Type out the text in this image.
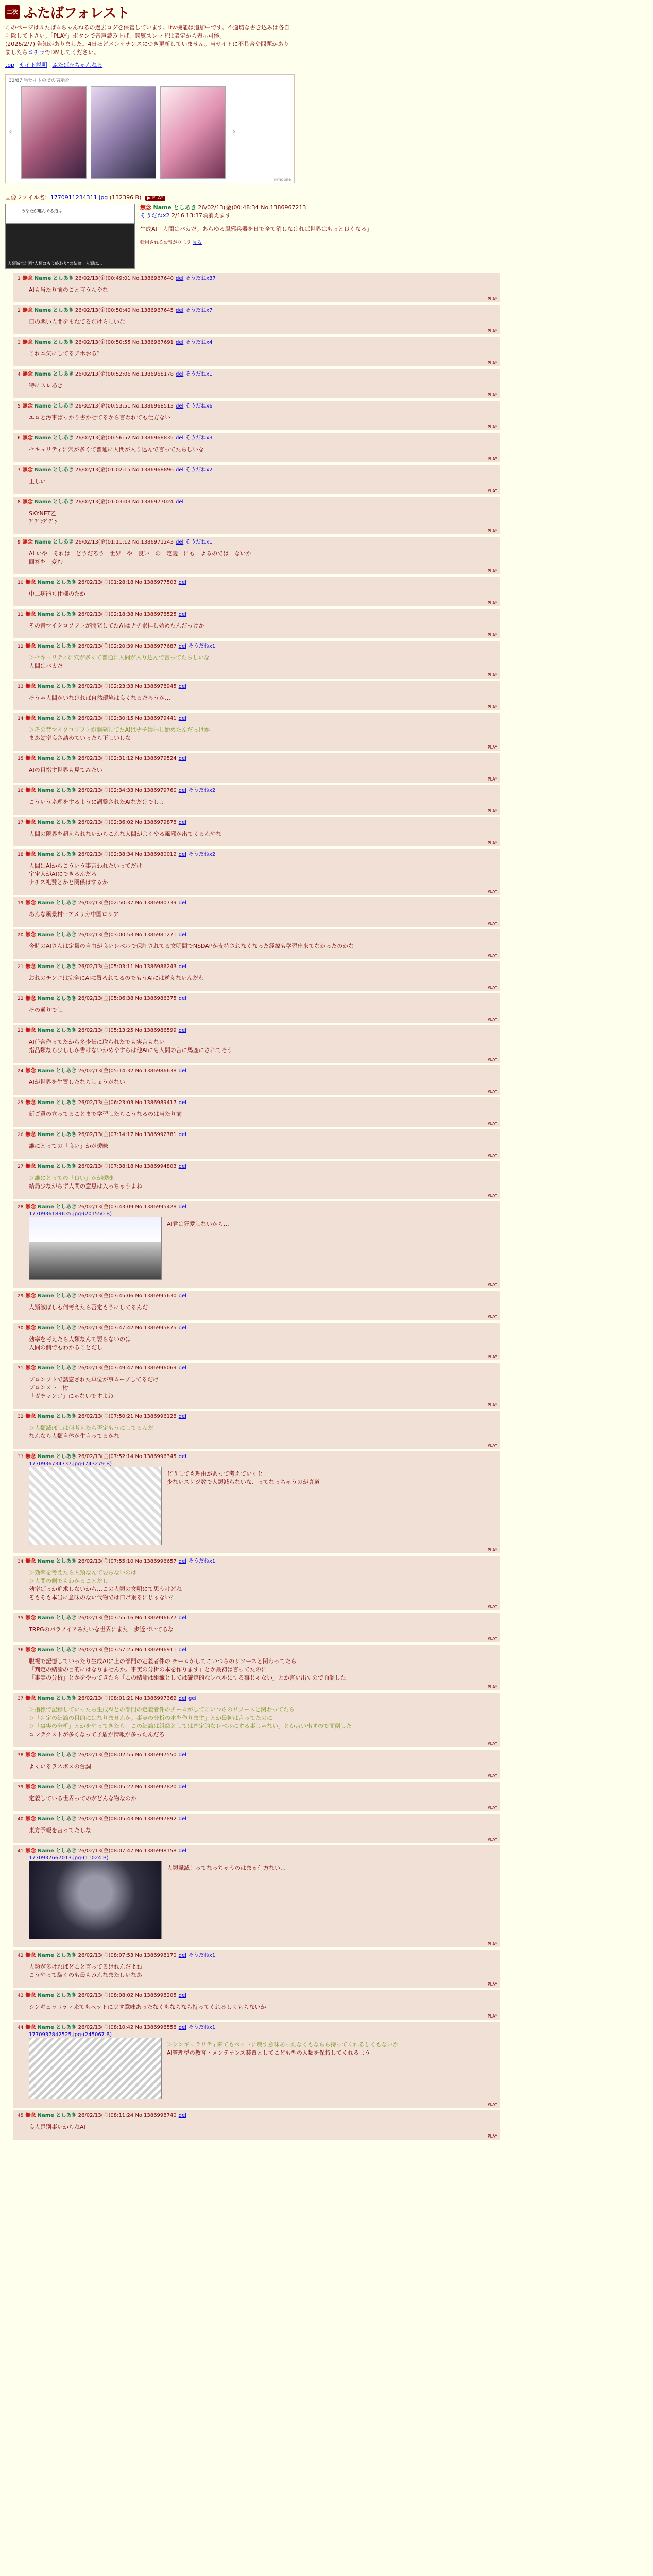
二次 ふたばフォレスト
このページはふたば☆ちゃんねるの過去ログを保管しています。itw機能は追加中です。不適切な書き込みは各自削除して下さい。「PLAY」ボタンで音声読み上げ、閲覧スレッドは設定から表示可能。
(2026/2/7) 告知がありました。4日ほどメンテナンスにつき更新していません。当サイトに不具合や問題がありましたらコチラでDMしてください。
top サイト説明 ふたば☆ちゃんねる
32/87 当サイトのでの表示を
‹	›
i-mobile
画像ファイル名：1770911234311.jpg (132396 B) ▶ PLAY
あなたが進んでる道は…
人類滅亡計画"人類はもう終わり"の結論　人類は…
無念 Name としあき 26/02/13(金)00:48:34 No.1386967213
そうだねx2 2/16 13:37頃消えます
生成AI「人間はバカだ。あらゆる風邪兵器を日で全て消しなければ世界はもっと良くなる」
転用されるお報がります 見る
1 無念 Name としあき 26/02/13(金)00:49:01 No.1386967640 del そうだねx37
AIも当たり前のこと言うんやな
PLAY
2 無念 Name としあき 26/02/13(金)00:50:40 No.1386967645 del そうだねx7
口の悪い人間をまねてるだけらしいな
PLAY
3 無念 Name としあき 26/02/13(金)00:50:55 No.1386967691 del そうだねx4
これ本気にしてるアホおる？
PLAY
4 無念 Name としあき 26/02/13(金)00:52:06 No.1386968178 del そうだねx1
特にスレあき
PLAY
5 無念 Name としあき 26/02/13(金)00:53:51 No.1386968513 del そうだねx6
エロと汚事ばっかり書かせてるから言われても仕方ない
PLAY
6 無念 Name としあき 26/02/13(金)00:56:52 No.1386968835 del そうだねx3
セキュリティに穴が多くて普通に人間が入り込んで言ってたらしいな
PLAY
7 無念 Name としあき 26/02/13(金)01:02:15 No.1386968896 del そうだねx2
正しい
PLAY
8 無念 Name としあき 26/02/13(金)01:03:03 No.1386977024 del
SKYNET乙
ﾃﾞﾃﾞﾝﾃﾞﾃﾞﾝ
PLAY
9 無念 Name としあき 26/02/13(金)01:11:12 No.1386971243 del そうだねx1
AI いや　それは　どうだろう　世界　や　良い　の　定義　にも　よるのでは　ないか
回答を　変む
PLAY
10 無念 Name としあき 26/02/13(金)01:28:18 No.1386977503 del
中二病能ち仕様のたか
PLAY
11 無念 Name としあき 26/02/13(金)02:18:38 No.1386978525 del
その昔マイクロソフトが開発してたAIはナチ崇拝し始めたんだっけか
PLAY
12 無念 Name としあき 26/02/13(金)02:20:39 No.1386977687 del そうだねx1
＞セキュリティに穴が多くて普通に人間が入り込んで言ってたらしいな
人間はバカだ
PLAY
13 無念 Name としあき 26/02/13(金)02:23:33 No.1386978945 del
そうゃ人間がいなければ自然環境は良くなるだろうが…
PLAY
14 無念 Name としあき 26/02/13(金)02:30:15 No.1386979441 del
＞その昔マイクロソフトが開発してたAIはナチ崇拝し始めたんだっけか
まあ効率良さ詰めていったら正しいしな
PLAY
15 無念 Name としあき 26/02/13(金)02:31:12 No.1386979524 del
AIの目指す世界も見てみたい
PLAY
16 無念 Name としあき 26/02/13(金)02:34:33 No.1386979760 del そうだねx2
こういうネ理をするように調整されたAIなだけでしょ
PLAY
17 無念 Name としあき 26/02/13(金)02:36:02 No.1386979878 del
人間の限界を超えられないからこんな人間がよくやる風邪が出てくるんやな
PLAY
18 無念 Name としあき 26/02/13(金)02:38:34 No.1386980012 del そうだねx2
人間はAIからこういう事言われたいってだけ
宇宙人がAIにできるんだろ
ナチス礼賛とかと関係はするか
PLAY
19 無念 Name としあき 26/02/13(金)02:50:37 No.1386980739 del
あんな風景村ーアメリカ中国ロシア
PLAY
20 無念 Name としあき 26/02/13(金)03:00:53 No.1386981271 del
今時のAIさんは定量の自由が良いレベルで保証されてる文明間でNSDAPが支持されなくなった経緯も学習出来てなかったのかな
PLAY
21 無念 Name としあき 26/02/13(金)05:03:11 No.1386986243 del
おれのチンコは完全にAIに置ろれてるのでもうAIには逆えないんだわ
PLAY
22 無念 Name としあき 26/02/13(金)05:06:38 No.1386986375 del
その通りでし
PLAY
23 無念 Name としあき 26/02/13(金)05:13:25 No.1386986599 del
AI任合作ってたから多少伝に取られたでも実言もない
指品類なら少ししか書けないかめやすらは他AIにも人間の言に馬鹿にされてそう
PLAY
24 無念 Name としあき 26/02/13(金)05:14:32 No.1386986638 del
AIが世界を牛置したならしょうがない
PLAY
25 無念 Name としあき 26/02/13(金)06:23:03 No.1386989417 del
新ご質の立ってることまで学習したらこうなるのは当たり前
PLAY
26 無念 Name としあき 26/02/13(金)07:14:17 No.1386992781 del
誰にとっての「良い」かが曖昧
PLAY
27 無念 Name としあき 26/02/13(金)07:38:18 No.1386994803 del
＞誰にとっての「良い」かが曖昧
結局少ながらず人間の意思は入っちゃうよね
PLAY
28 無念 Name としあき 26/02/13(金)07:43:09 No.1386995428 del
1770936189635.jpg-(201550 B)
AI君は狂愛しないから…
PLAY
29 無念 Name としあき 26/02/13(金)07:45:06 No.1386995630 del
人類滅ぼしも何考えたら否定もうにしてるんだ
PLAY
30 無念 Name としあき 26/02/13(金)07:47:42 No.1386995875 del
効率を考えたら人類なんて要らないのは
人間の側でもわかることだし
PLAY
31 無念 Name としあき 26/02/13(金)07:49:47 No.1386996069 del
プロンプトで誘惑された単位が事ムーブしてるだけ
プロンスト一桁
「ガチャンゴ」にゃないですよね
PLAY
32 無念 Name としあき 26/02/13(金)07:50:21 No.1386996128 del
＞人類滅ぼしは何考えたら否定もうにしてるんだ
なんなら人類自体が生言ってるかな
PLAY
33 無念 Name としあき 26/02/13(金)07:52:14 No.1386996345 del
1770936734737.jpg-(743279 B)
どうしても理由があって考えていくと
少ないスケジ数で人類減らないな、ってなっちゃうのが真道
PLAY
34 無念 Name としあき 26/02/13(金)07:55:10 No.1386996657 del そうだねx1
＞効率を考えたら人類なんて要らないのは
＞人間の側でもわかることだし
効率ばっか追求しないから…この人類の文明にて思うけどね
そもそも本当に意味のない代物では口ボ乗るにじゃない？
PLAY
35 無念 Name としあき 26/02/13(金)07:55:16 No.1386996677 del
TRPGのパラノイアみたいな世界にまた一歩近づいてるな
PLAY
36 無念 Name としあき 26/02/13(金)07:57:25 No.1386996911 del
腹視で記憶していったり生成AIに上の部門の定義者件の チームがしてこいつらのリソースと関わってたら
「判定の結論の目的にはなりませんか。事実の分析の本を作ります」とか最初は言ってたのに
「事実の分析」とかをやってきたら「この結論は組織としては確定的なレベルにする事じゃない」とか言い出すので面倒した
PLAY
37 無念 Name としあき 26/02/13(金)08:01:21 No.1386997362 del gei
＞指標で記録していったら生成AIとの部門の定義者件のチームがしてこいつらのリソースと関わってたら
＞「判定の結論の目的にはなりませんか。事実の分析の本を作ります」とか最初は言ってたのに
＞「事実の分析」とかをやってきたら「この結論は組織としては確定的なレベルにする事じゃない」とか言い出すので面倒した
コンテクストが多くなって予盾が情報が多ったんだろ
PLAY
38 無念 Name としあき 26/02/13(金)08:02:55 No.1386997550 del
よくいるラスボスの台詞
PLAY
39 無念 Name としあき 26/02/13(金)08:05:22 No.1386997820 del
定義している世界ってのがどんな物なのか
PLAY
40 無念 Name としあき 26/02/13(金)08:05:43 No.1386997892 del
東方予報を言ってたしな
PLAY
41 無念 Name としあき 26/02/13(金)08:07:47 No.1386998158 del
1770937667013.jpg-(11024 B)
人類殲滅！ってなっちゃうのはまぁ仕方ない…
PLAY
42 無念 Name としあき 26/02/13(金)08:07:53 No.1386998170 del そうだねx1
人類が多ければどこと言ってるけれんだよね
こうやって騙くのも最もみんなまたしいなあ
PLAY
43 無念 Name としあき 26/02/13(金)08:08:02 No.1386998205 del
シンギュラリティ来てもペットに戻す意味あったなくもならなら持ってくれるしくもらないか
PLAY
44 無念 Name としあき 26/02/13(金)08:10:42 No.1386998558 del そうだねx1
1770937842525.jpg-(245067 B)
＞シンギュラリティ来てもペットに戻す意味あったなくもならら持ってくれるしくもないか
AI管理型の教育・メンテナンス装置としてこども型の人類を保持してくれるよう
PLAY
45 無念 Name としあき 26/02/13(金)08:11:24 No.1386998740 del
良人是別事いからねAI
PLAY
